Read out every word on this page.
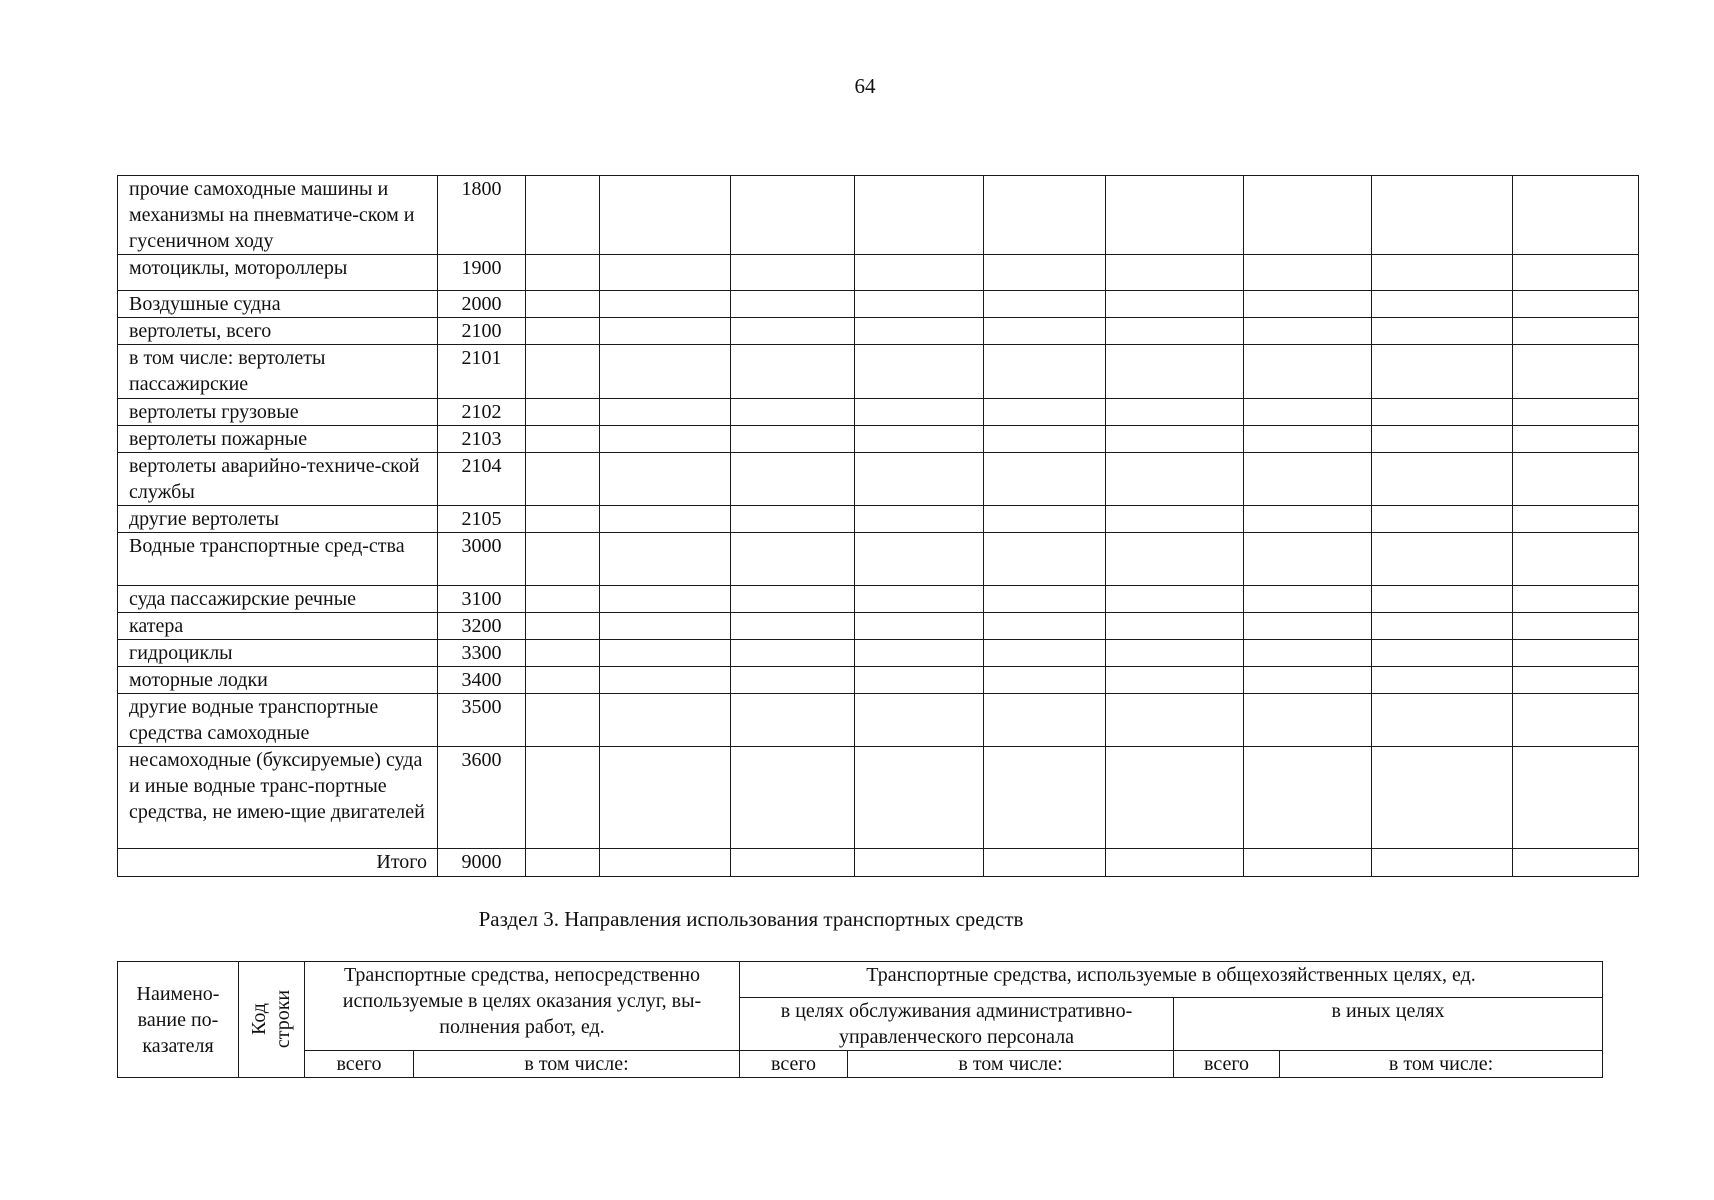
64
прочие самоходные машины и механизмы на пневматиче-ском и гусеничном ходу	1800									
мотоциклы, мотороллеры	1900									
Воздушные судна	2000									
вертолеты, всего	2100									
в том числе: вертолеты пассажирские	2101									
вертолеты грузовые	2102									
вертолеты пожарные	2103									
вертолеты аварийно-техниче-ской службы	2104									
другие вертолеты	2105									
Водные транспортные сред-ства	3000									
суда пассажирские речные	3100									
катера	3200									
гидроциклы	3300									
моторные лодки	3400									
другие водные транспортные средства самоходные	3500									
несамоходные (буксируемые) суда и иные водные транс-портные средства, не имею-щие двигателей	3600									
Итого	9000									
Раздел 3. Направления использования транспортных средств
Наимено-вание по-казателя	Код строки	Транспортные средства, непосредственно используемые в целях оказания услуг, вы-полнения работ, ед.		Транспортные средства, используемые в общехозяйственных целях, ед.			
				в целях обслуживания административно-управленческого персонала		в иных целях	
		всего	в том числе:	всего	в том числе:	всего	в том числе:
